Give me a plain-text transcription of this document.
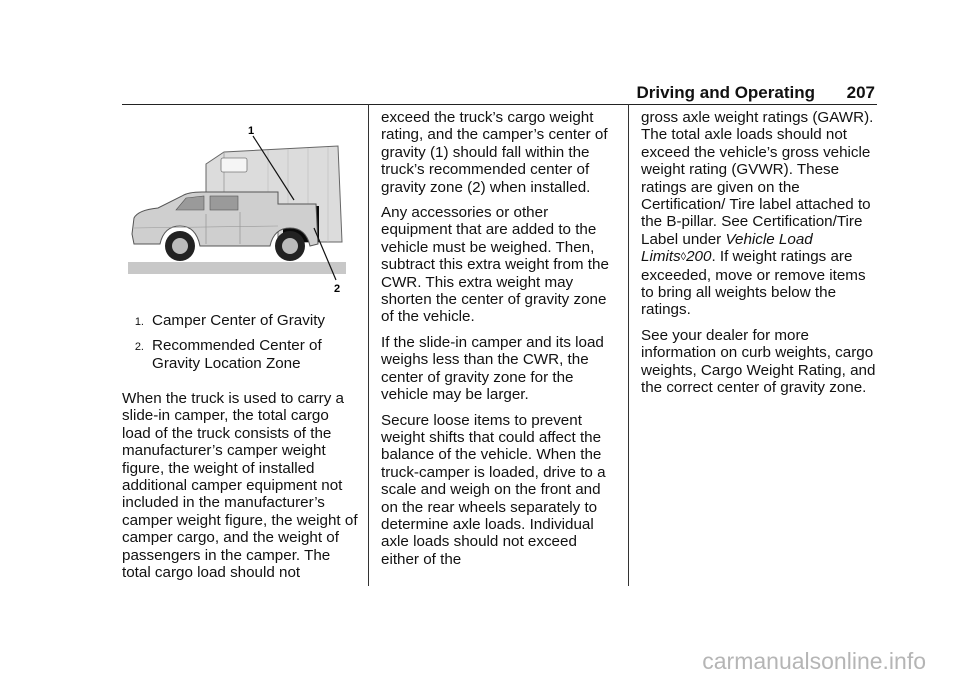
Driving and Operating 207
1
2
1. Camper Center of Gravity
2. Recommended Center of Gravity Location Zone

When the truck is used to carry a slide-in camper, the total cargo load of the truck consists of the manufacturer’s camper weight figure, the weight of installed additional camper equipment not included in the manufacturer’s camper weight figure, the weight of camper cargo, and the weight of passengers in the camper. The total cargo load should not

exceed the truck’s cargo weight rating, and the camper’s center of gravity (1) should fall within the truck’s recommended center of gravity zone (2) when installed.

Any accessories or other equipment that are added to the vehicle must be weighed. Then, subtract this extra weight from the CWR. This extra weight may shorten the center of gravity zone of the vehicle.

If the slide-in camper and its load weighs less than the CWR, the center of gravity zone for the vehicle may be larger.

Secure loose items to prevent weight shifts that could affect the balance of the vehicle. When the truck-camper is loaded, drive to a scale and weigh on the front and on the rear wheels separately to determine axle loads. Individual axle loads should not exceed either of the

gross axle weight ratings (GAWR). The total axle loads should not exceed the vehicle’s gross vehicle weight rating (GVWR). These ratings are given on the Certification/ Tire label attached to the B-pillar. See Certification/Tire Label under Vehicle Load Limits◊200. If weight ratings are exceeded, move or remove items to bring all weights below the ratings.

See your dealer for more information on curb weights, cargo weights, Cargo Weight Rating, and the correct center of gravity zone.

carmanualsonline.info
